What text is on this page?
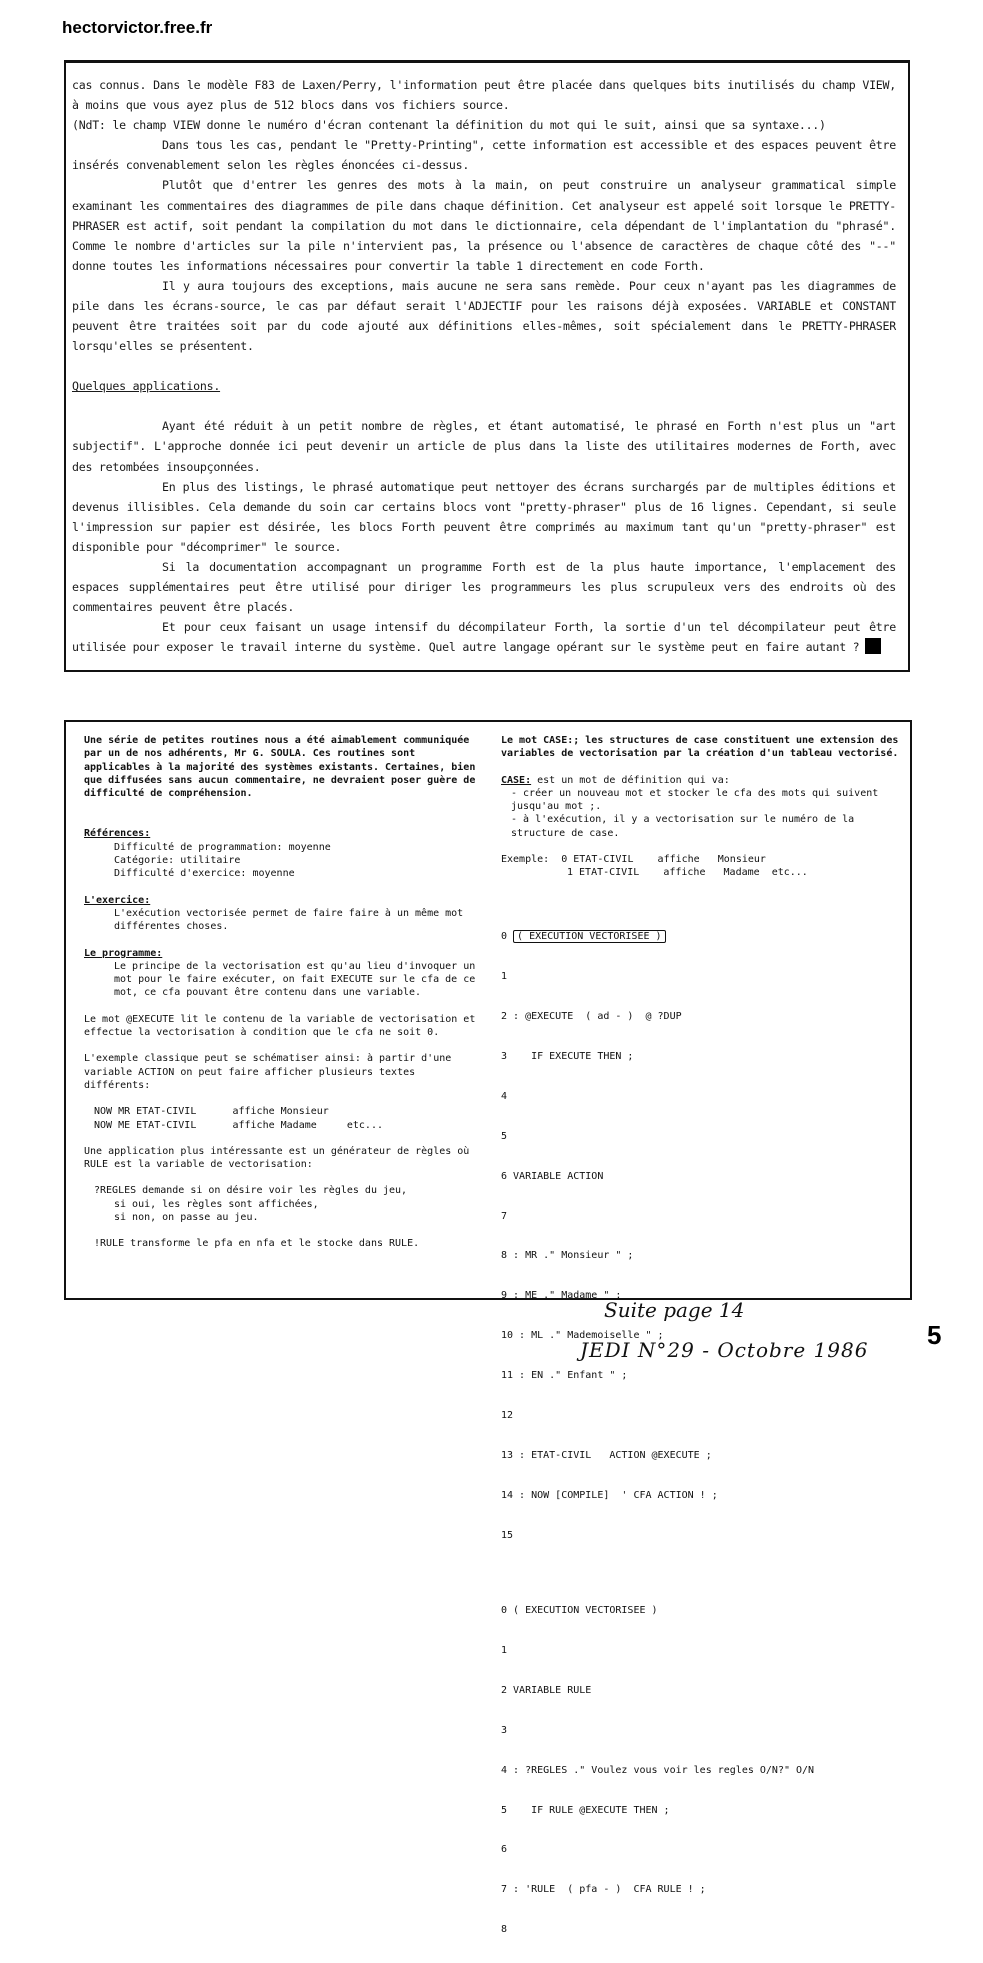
hectorvictor.free.fr

cas connus. Dans le modèle F83 de Laxen/Perry, l'information peut être placée dans quelques bits inutilisés du champ VIEW, à moins que vous ayez plus de 512 blocs dans vos fichiers source.

(NdT: le champ VIEW donne le numéro d'écran contenant la définition du mot qui le suit, ainsi que sa syntaxe...)

Dans tous les cas, pendant le "Pretty-Printing", cette information est accessible et des espaces peuvent être insérés convenablement selon les règles énoncées ci-dessus.

Plutôt que d'entrer les genres des mots à la main, on peut construire un analyseur grammatical simple examinant les commentaires des diagrammes de pile dans chaque définition. Cet analyseur est appelé soit lorsque le PRETTY-PHRASER est actif, soit pendant la compilation du mot dans le dictionnaire, cela dépendant de l'implantation du "phrasé". Comme le nombre d'articles sur la pile n'intervient pas, la présence ou l'absence de caractères de chaque côté des "--" donne toutes les informations nécessaires pour convertir la table 1 directement en code Forth.

Il y aura toujours des exceptions, mais aucune ne sera sans remède. Pour ceux n'ayant pas les diagrammes de pile dans les écrans-source, le cas par défaut serait l'ADJECTIF pour les raisons déjà exposées. VARIABLE et CONSTANT peuvent être traitées soit par du code ajouté aux définitions elles-mêmes, soit spécialement dans le PRETTY-PHRASER lorsqu'elles se présentent.

Quelques applications.

Ayant été réduit à un petit nombre de règles, et étant automatisé, le phrasé en Forth n'est plus un "art subjectif". L'approche donnée ici peut devenir un article de plus dans la liste des utilitaires modernes de Forth, avec des retombées insoupçonnées.

En plus des listings, le phrasé automatique peut nettoyer des écrans surchargés par de multiples éditions et devenus illisibles. Cela demande du soin car certains blocs vont "pretty-phraser" plus de 16 lignes. Cependant, si seule l'impression sur papier est désirée, les blocs Forth peuvent être comprimés au maximum tant qu'un "pretty-phraser" est disponible pour "décomprimer" le source.

Si la documentation accompagnant un programme Forth est de la plus haute importance, l'emplacement des espaces supplémentaires peut être utilisé pour diriger les programmeurs les plus scrupuleux vers des endroits où des commentaires peuvent être placés.

Et pour ceux faisant un usage intensif du décompilateur Forth, la sortie d'un tel décompilateur peut être utilisée pour exposer le travail interne du système. Quel autre langage opérant sur le système peut en faire autant ?

Une série de petites routines nous a été aimablement communiquée par un de nos adhérents, Mr G. SOULA. Ces routines sont applicables à la majorité des systèmes existants. Certaines, bien que diffusées sans aucun commentaire, ne devraient poser guère de difficulté de compréhension.

Références:
Difficulté de programmation: moyenne
Catégorie: utilitaire
Difficulté d'exercice: moyenne
L'exercice:

L'exécution vectorisée permet de faire faire à un même mot différentes choses.

Le programme:

Le principe de la vectorisation est qu'au lieu d'invoquer un mot pour le faire exécuter, on fait EXECUTE sur le cfa de ce mot, ce cfa pouvant être contenu dans une variable.

Le mot @EXECUTE lit le contenu de la variable de vectorisation et effectue la vectorisation à condition que le cfa ne soit 0.

L'exemple classique peut se schématiser ainsi: à partir d'une variable ACTION on peut faire afficher plusieurs textes différents:

NOW MR ETAT-CIVIL      affiche Monsieur
NOW ME ETAT-CIVIL      affiche Madame     etc...

Une application plus intéressante est un générateur de règles où RULE est la variable de vectorisation:

?REGLES demande si on désire voir les règles du jeu,
si oui, les règles sont affichées,
si non, on passe au jeu.
!RULE transforme le pfa en nfa et le stocke dans RULE.

Le mot CASE:; les structures de case constituent une extension des variables de vectorisation par la création d'un tableau vectorisé.

CASE: est un mot de définition qui va:
- créer un nouveau mot et stocker le cfa des mots qui suivent jusqu'au mot ;.
- à l'exécution, il y a vectorisation sur le numéro de la structure de case.
Exemple: 0 ETAT-CIVIL    affiche   Monsieur
1 ETAT-CIVIL    affiche   Madame  etc...

0 ( EXECUTION VECTORISEE )

1

2 : @EXECUTE  ( ad - )  @ ?DUP

3    IF EXECUTE THEN ;

4

5

6 VARIABLE ACTION

7

8 : MR ." Monsieur " ;

9 : ME ." Madame " ;

10 : ML ." Mademoiselle " ;

11 : EN ." Enfant " ;

12

13 : ETAT-CIVIL   ACTION @EXECUTE ;

14 : NOW [COMPILE]  ' CFA ACTION ! ;

15

0 ( EXECUTION VECTORISEE )

1

2 VARIABLE RULE

3

4 : ?REGLES ." Voulez vous voir les regles O/N?" O/N

5    IF RULE @EXECUTE THEN ;

6

7 : 'RULE  ( pfa - )  CFA RULE ! ;

8

Suite page 14
JEDI N°29 - Octobre 1986 5
